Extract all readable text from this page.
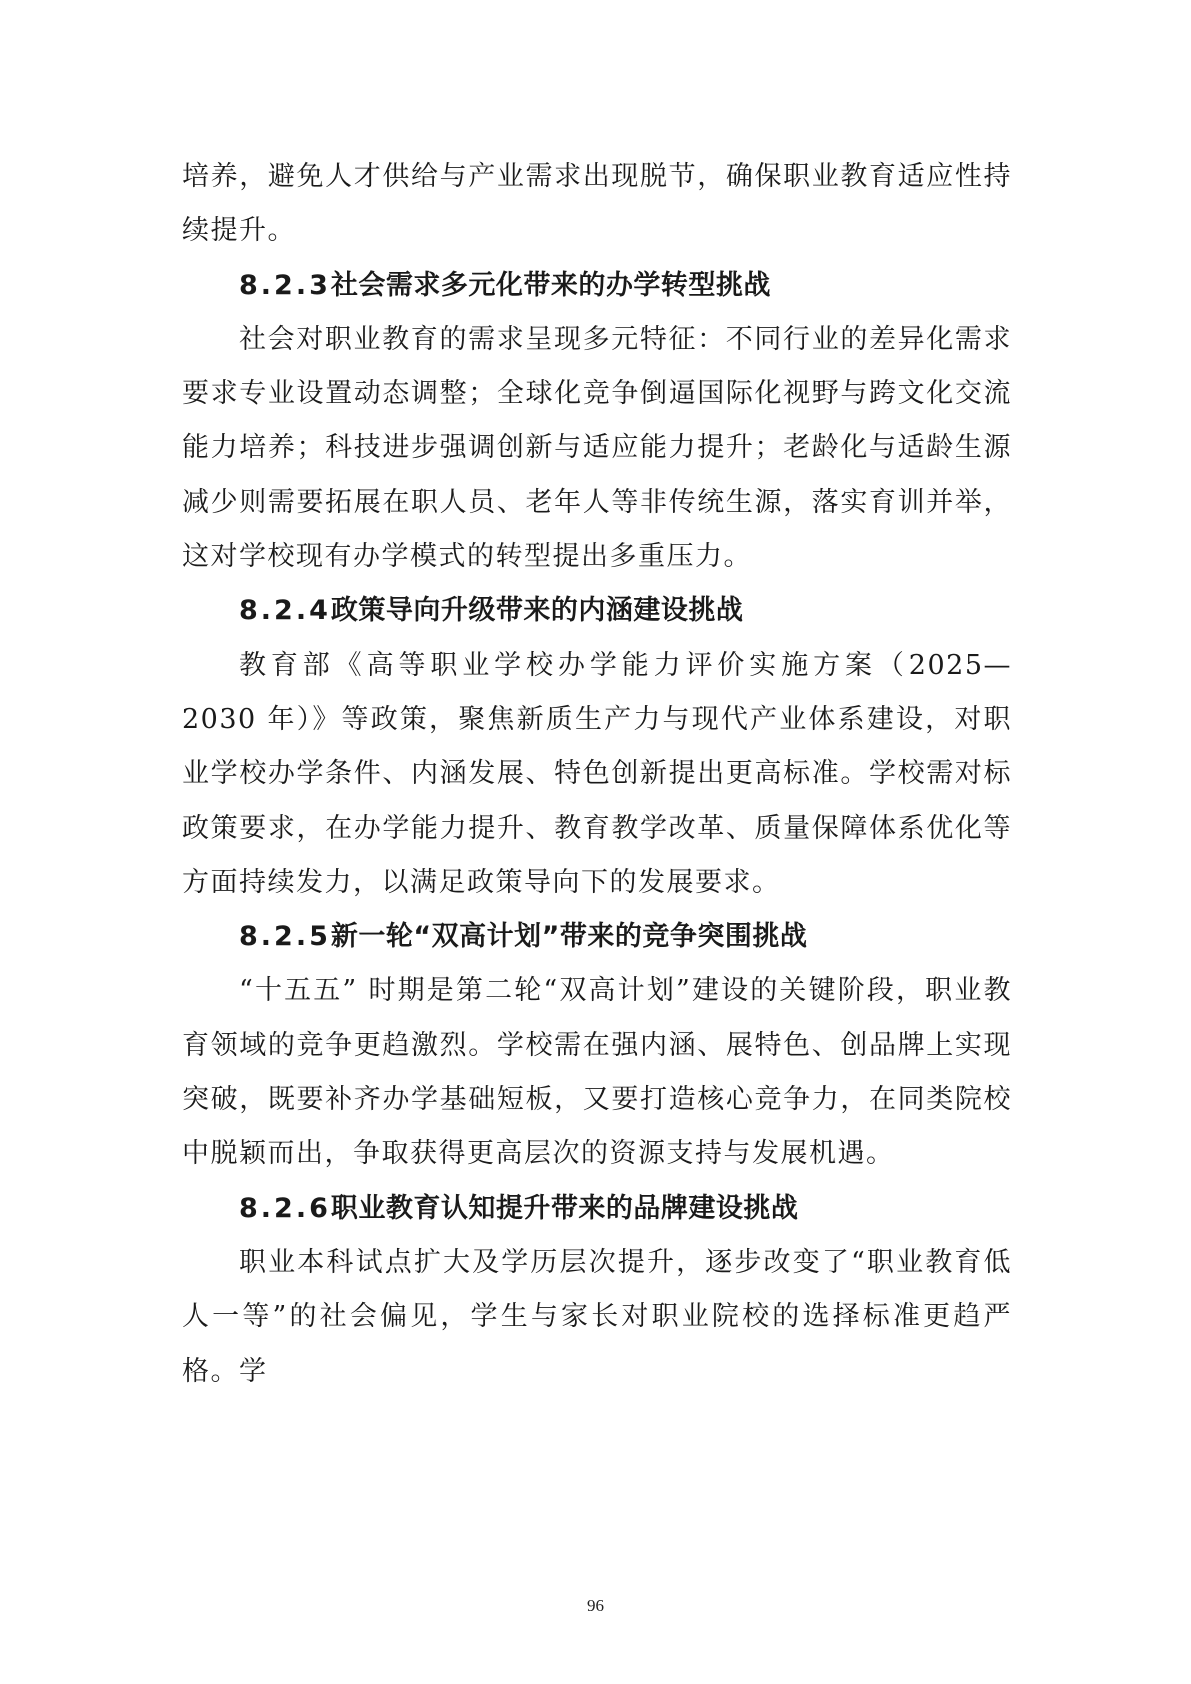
培养，避免人才供给与产业需求出现脱节，确保职业教育适应性持续提升。

8.2.3社会需求多元化带来的办学转型挑战

社会对职业教育的需求呈现多元特征：不同行业的差异化需求要求专业设置动态调整；全球化竞争倒逼国际化视野与跨文化交流能力培养；科技进步强调创新与适应能力提升；老龄化与适龄生源减少则需要拓展在职人员、老年人等非传统生源，落实育训并举，这对学校现有办学模式的转型提出多重压力。

8.2.4政策导向升级带来的内涵建设挑战

教育部《高等职业学校办学能力评价实施方案（2025—2030 年）》等政策，聚焦新质生产力与现代产业体系建设，对职业学校办学条件、内涵发展、特色创新提出更高标准。学校需对标政策要求，在办学能力提升、教育教学改革、质量保障体系优化等方面持续发力，以满足政策导向下的发展要求。

8.2.5新一轮“双高计划”带来的竞争突围挑战

“十五五” 时期是第二轮“双高计划”建设的关键阶段，职业教育领域的竞争更趋激烈。学校需在强内涵、展特色、创品牌上实现突破，既要补齐办学基础短板，又要打造核心竞争力，在同类院校中脱颖而出，争取获得更高层次的资源支持与发展机遇。

8.2.6职业教育认知提升带来的品牌建设挑战

职业本科试点扩大及学历层次提升，逐步改变了“职业教育低人一等”的社会偏见，学生与家长对职业院校的选择标准更趋严格。学

96
